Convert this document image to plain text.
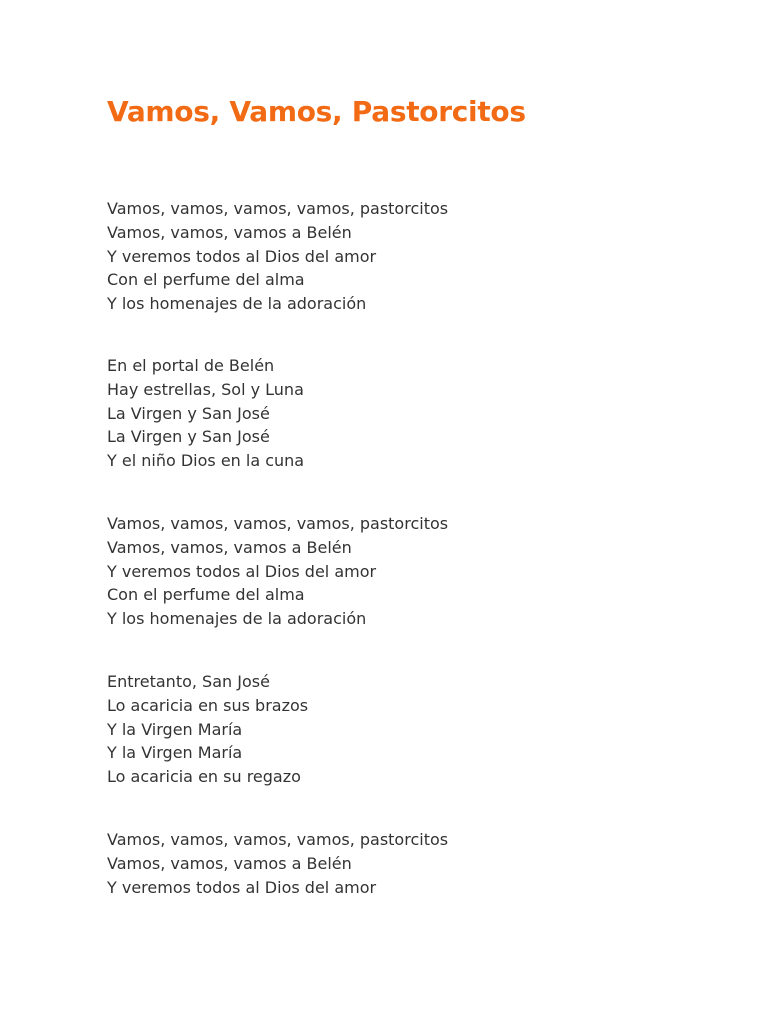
Vamos, Vamos, Pastorcitos
Vamos, vamos, vamos, vamos, pastorcitos
Vamos, vamos, vamos a Belén
Y veremos todos al Dios del amor
Con el perfume del alma
Y los homenajes de la adoración
En el portal de Belén
Hay estrellas, Sol y Luna
La Virgen y San José
La Virgen y San José
Y el niño Dios en la cuna
Vamos, vamos, vamos, vamos, pastorcitos
Vamos, vamos, vamos a Belén
Y veremos todos al Dios del amor
Con el perfume del alma
Y los homenajes de la adoración
Entretanto, San José
Lo acaricia en sus brazos
Y la Virgen María
Y la Virgen María
Lo acaricia en su regazo
Vamos, vamos, vamos, vamos, pastorcitos
Vamos, vamos, vamos a Belén
Y veremos todos al Dios del amor
